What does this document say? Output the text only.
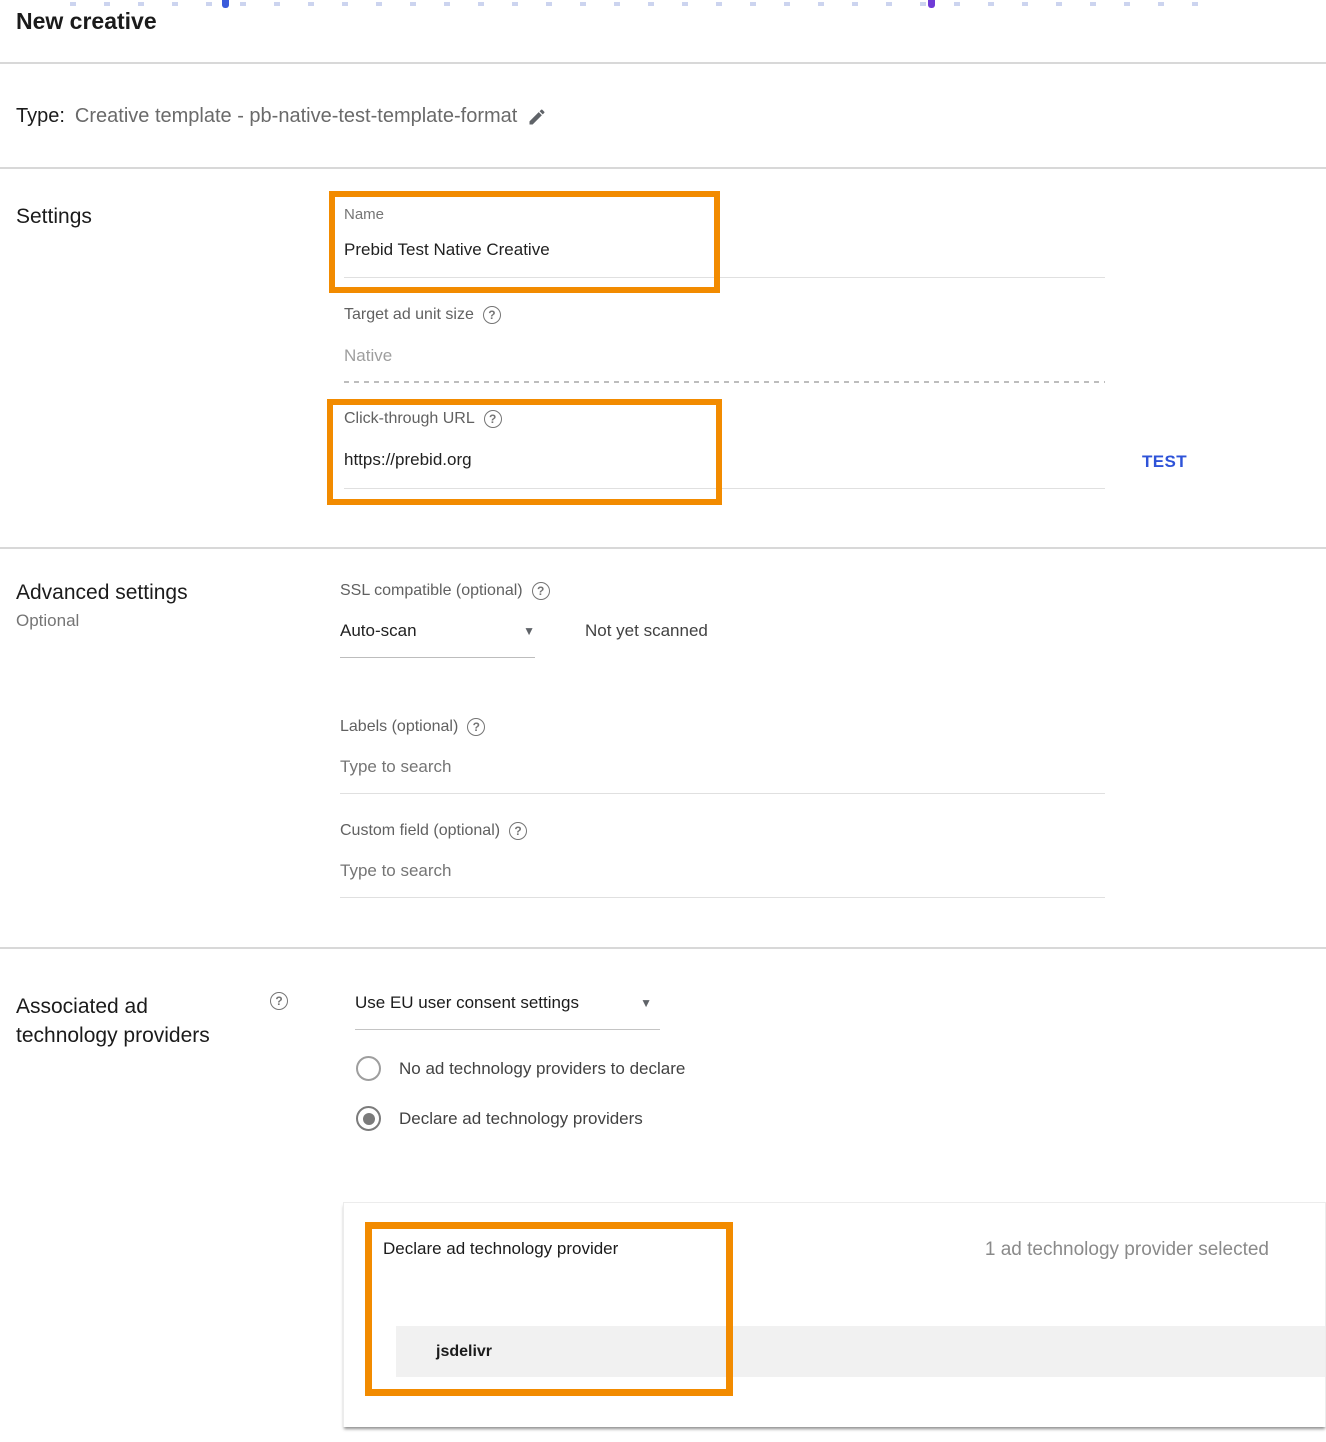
New creative
Type: Creative template - pb-native-test-template-format
Settings	Name
Prebid Test Native Creative
Target ad unit size	?
Native
Click-through URL	?
https://prebid.org
TEST
Advanced settings
Optional
SSL compatible (optional)	?
Auto-scan	▼	Not yet scanned
Labels (optional)	?
Type to search
Custom field (optional)	?
Type to search
Associated ad
technology providers
?	Use EU user consent settings	▼
No ad technology providers to declare
Declare ad technology providers
Declare ad technology provider	1 ad technology provider selected
jsdelivr
